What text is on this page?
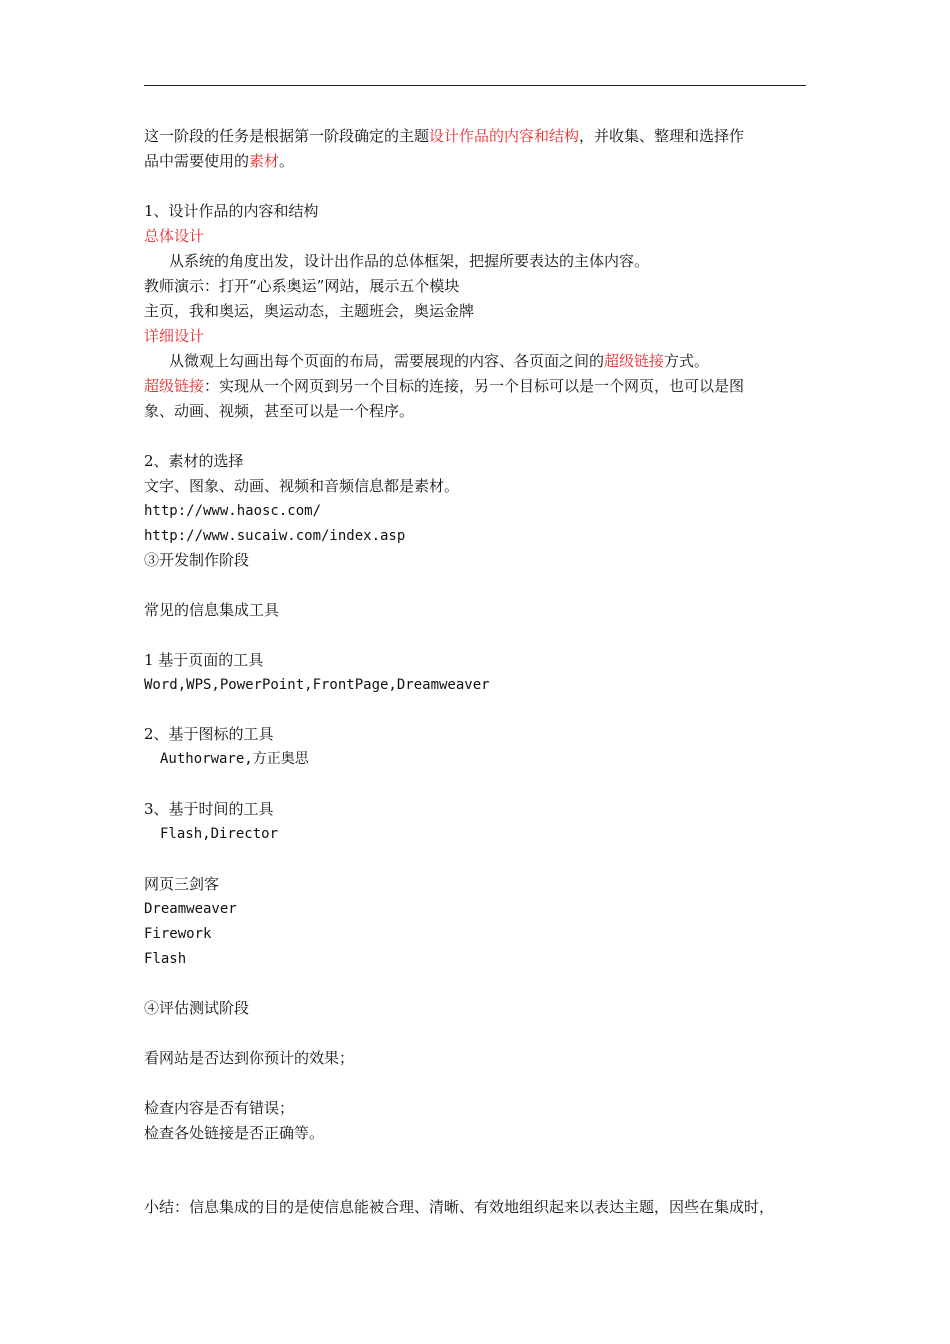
这一阶段的任务是根据第一阶段确定的主题设计作品的内容和结构，并收集、整理和选择作
品中需要使用的素材。
1、设计作品的内容和结构
总体设计
从系统的角度出发，设计出作品的总体框架，把握所要表达的主体内容。
教师演示：打开“心系奥运”网站，展示五个模块
主页，我和奥运，奥运动态，主题班会，奥运金牌
详细设计
从微观上勾画出每个页面的布局，需要展现的内容、各页面之间的超级链接方式。
超级链接：实现从一个网页到另一个目标的连接，另一个目标可以是一个网页，也可以是图
象、动画、视频，甚至可以是一个程序。
2、素材的选择
文字、图象、动画、视频和音频信息都是素材。
http://www.haosc.com/
http://www.sucaiw.com/index.asp
③开发制作阶段
常见的信息集成工具
1 基于页面的工具
Word,WPS,PowerPoint,FrontPage,Dreamweaver
2、基于图标的工具
Authorware,方正奥思
3、基于时间的工具
Flash,Director
网页三剑客
Dreamweaver
Firework
Flash
④评估测试阶段
看网站是否达到你预计的效果；
检查内容是否有错误；
检查各处链接是否正确等。
小结：信息集成的目的是使信息能被合理、清晰、有效地组织起来以表达主题，因些在集成时，
